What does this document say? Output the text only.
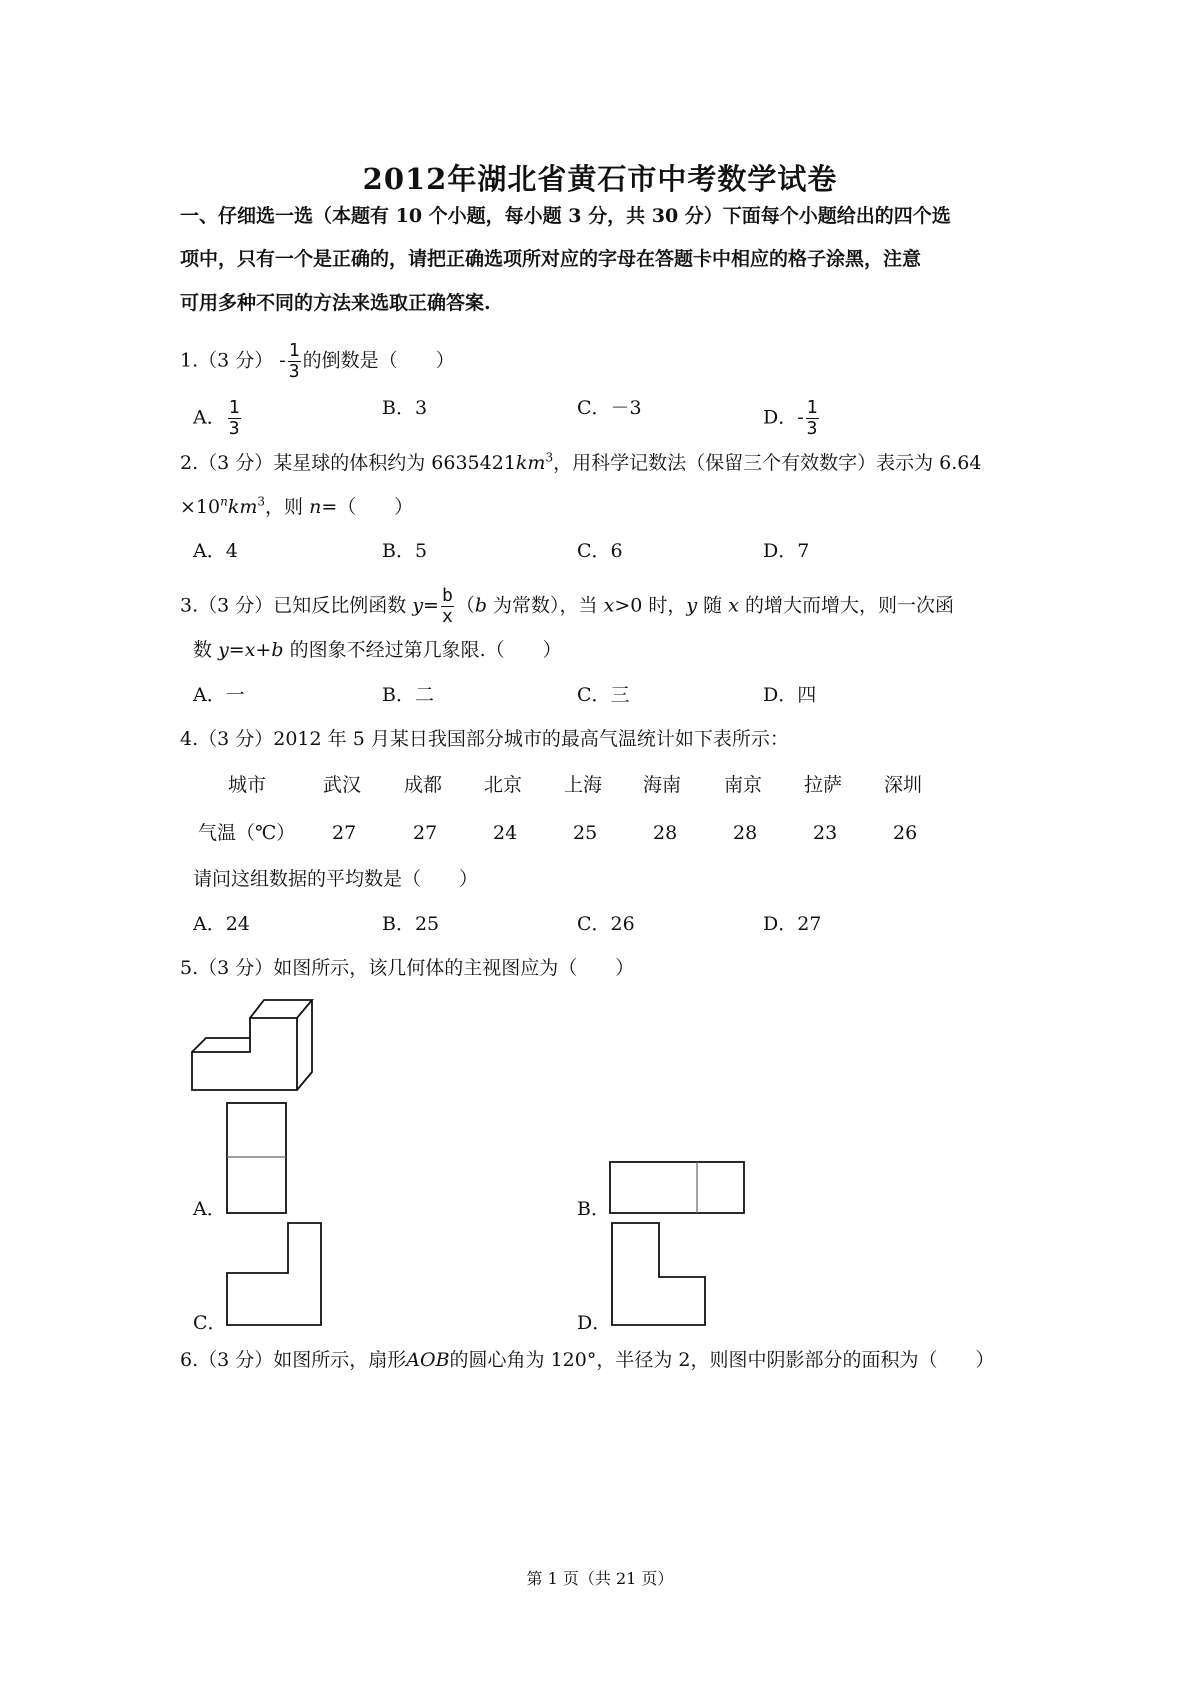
2012年湖北省黄石市中考数学试卷
一、仔细选一选（本题有 10 个小题，每小题 3 分，共 30 分）下面每个小题给出的四个选
项中，只有一个是正确的，请把正确选项所对应的字母在答题卡中相应的格子涂黑，注意
可用多种不同的方法来选取正确答案.
1.（3 分） - $\frac{1}{3}$ 的倒数是（　　）
A． $\frac{1}{3}$	B．3	C．－3	D．- $\frac{1}{3}$
2.（3 分）某星球的体积约为 $6635421km^3$，用科学记数法（保留三个有效数字）表示为 6.64
$\times 10^nkm^3$，则 n=（　　）
A．4	B．5	C．6	D．7
3.（3 分）已知反比例函数 $y= \frac{b}{x} (b$ 为常数），当 x>0 时，y 随 x 的增大而增大，则一次函
数 y=x+b 的图象不经过第几象限.（　　）
A．一	B．二	C．三	D．四
4.（3 分）2012 年 5 月某日我国部分城市的最高气温统计如下表所示：
城市	武汉 成都 北京 上海 海南 南京 拉萨 深圳
气温（℃） 27	27	24	25	28	28	23	26
请问这组数据的平均数是（　　）
A．24	B．25	C．26	D．27
5.（3 分）如图所示，该几何体的主视图应为（　　）
A．	B．
C．	D．
6.（3 分）如图所示，扇形AOB的圆心角为 120°，半径为 2，则图中阴影部分的面积为（　　）
第 1 页（共 21 页）
